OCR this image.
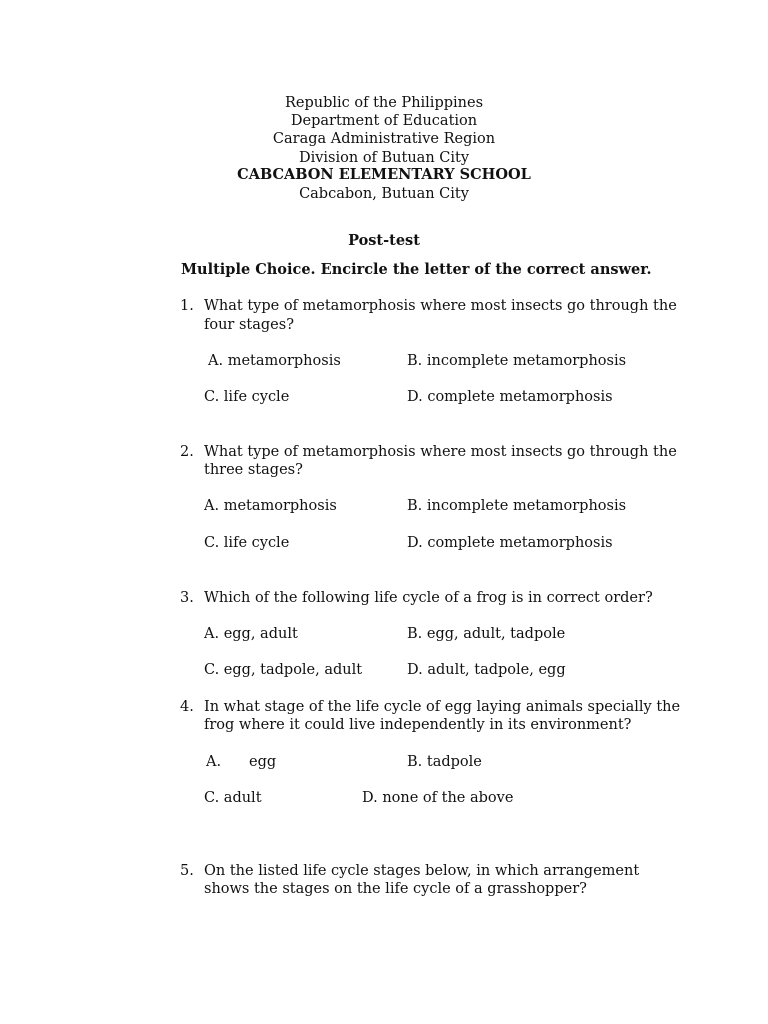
Republic of the Philippines
Department of Education
Caraga Administrative Region
Division of Butuan City
CABCABON ELEMENTARY SCHOOL
Cabcabon, Butuan City
Post-test
Multiple Choice. Encircle the letter of the correct answer.
1. What type of metamorphosis where most insects go through the
four stages?
A. metamorphosis	B. incomplete metamorphosis
C. life cycle	D. complete metamorphosis
2. What type of metamorphosis where most insects go through the
three stages?
A. metamorphosis	B. incomplete metamorphosis
C. life cycle	D. complete metamorphosis
3. Which of the following life cycle of a frog is in correct order?
A. egg, adult	B. egg, adult, tadpole
C. egg, tadpole, adult	D. adult, tadpole, egg
4. In what stage of the life cycle of egg laying animals specially the
frog where it could live independently in its environment?
A. egg	B. tadpole
C. adult	D. none of the above
5. On the listed life cycle stages below, in which arrangement
shows the stages on the life cycle of a grasshopper?
